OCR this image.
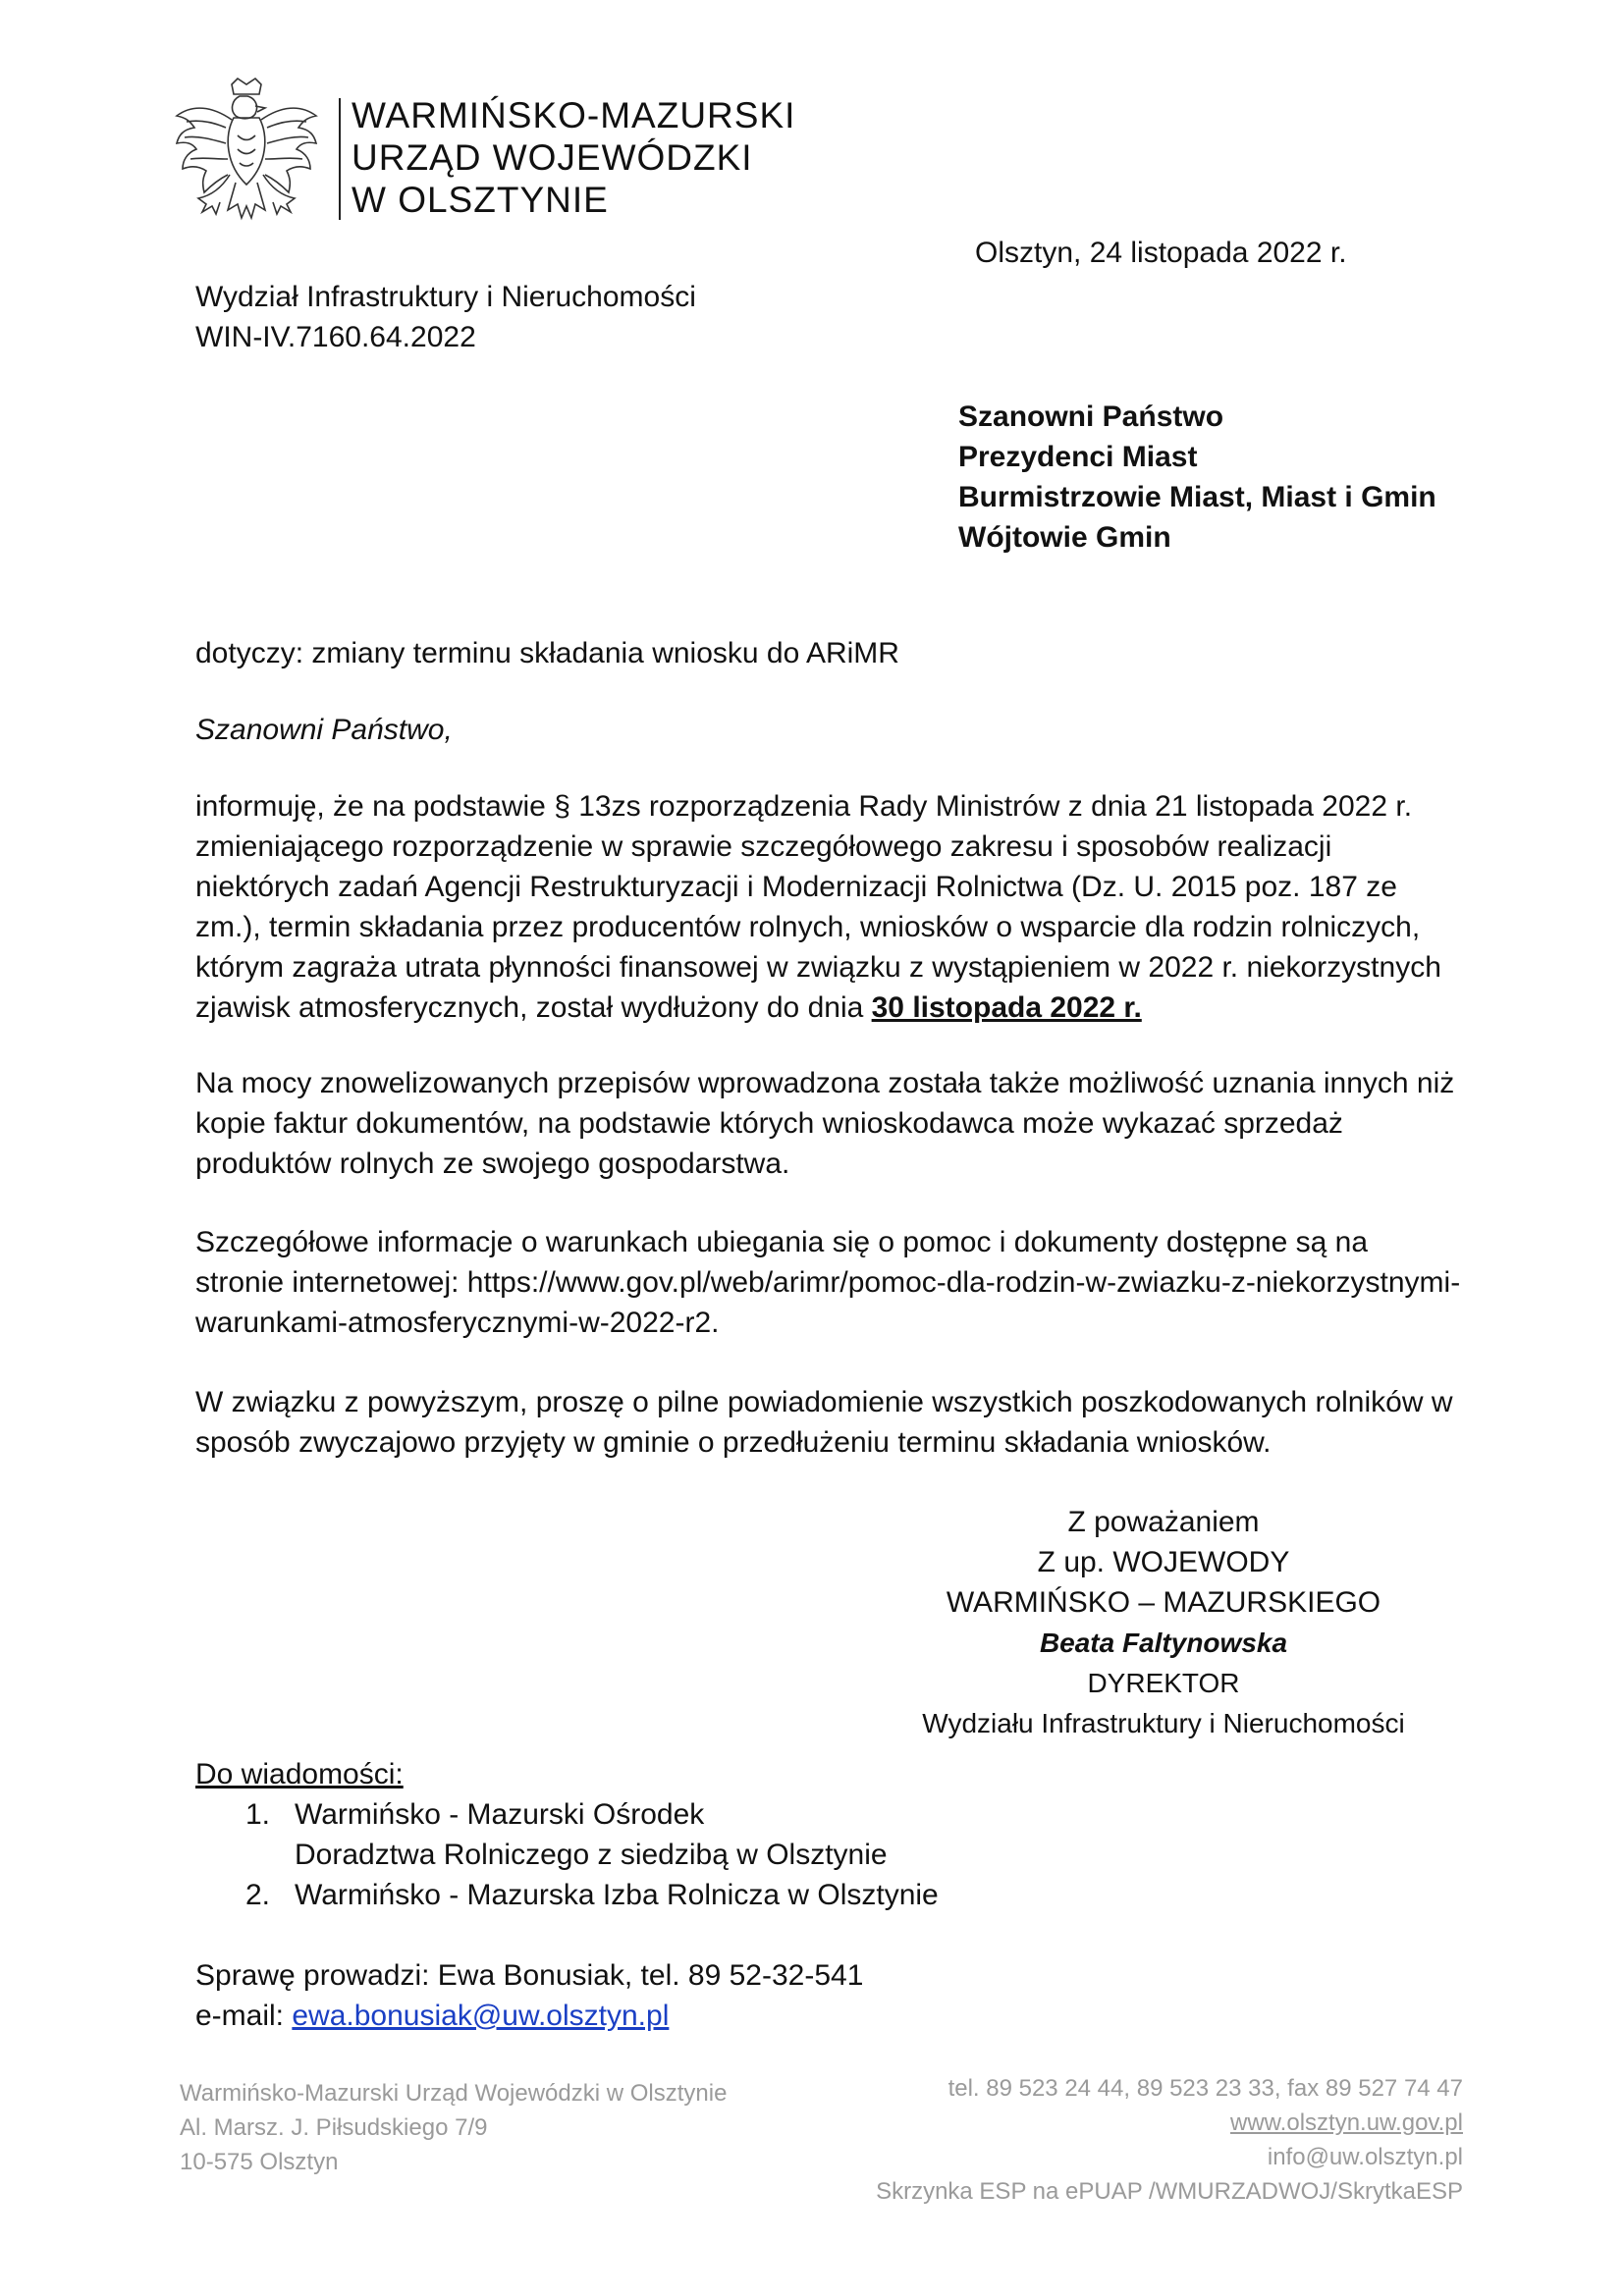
WARMIŃSKO-MAZURSKI
URZĄD WOJEWÓDZKI
W OLSZTYNIE
Olsztyn, 24 listopada 2022 r.
Wydział Infrastruktury i Nieruchomości
WIN-IV.7160.64.2022
Szanowni Państwo
Prezydenci Miast
Burmistrzowie Miast, Miast i Gmin
Wójtowie Gmin
dotyczy: zmiany terminu składania wniosku do ARiMR
Szanowni Państwo,

informuję, że na podstawie § 13zs rozporządzenia Rady Ministrów z dnia 21 listopada 2022 r. zmieniającego rozporządzenie w sprawie szczegółowego zakresu i sposobów realizacji niektórych zadań Agencji Restrukturyzacji i Modernizacji Rolnictwa (Dz. U. 2015 poz. 187 ze zm.), termin składania przez producentów rolnych, wniosków o wsparcie dla rodzin rolniczych, którym zagraża utrata płynności finansowej w związku z wystąpieniem w 2022 r. niekorzystnych zjawisk atmosferycznych, został wydłużony do dnia 30 listopada 2022 r.

Na mocy znowelizowanych przepisów wprowadzona została także możliwość uznania innych niż kopie faktur dokumentów, na podstawie których wnioskodawca może wykazać sprzedaż produktów rolnych ze swojego gospodarstwa.

Szczegółowe informacje o warunkach ubiegania się o pomoc i dokumenty dostępne są na stronie internetowej: https://www.gov.pl/web/arimr/pomoc-dla-rodzin-w-zwiazku-z-niekorzystnymi-warunkami-atmosferycznymi-w-2022-r2.

W związku z powyższym, proszę o pilne powiadomienie wszystkich poszkodowanych rolników w sposób zwyczajowo przyjęty w gminie o przedłużeniu terminu składania wniosków.

Z poważaniem
Z up. WOJEWODY
WARMIŃSKO – MAZURSKIEGO
Beata Faltynowska
DYREKTOR
Wydziału Infrastruktury i Nieruchomości
Do wiadomości:
1. Warmińsko - Mazurski Ośrodek
Doradztwa Rolniczego z siedzibą w Olsztynie
2. Warmińsko - Mazurska Izba Rolnicza w Olsztynie
Sprawę prowadzi: Ewa Bonusiak, tel. 89 52-32-541
e-mail: ewa.bonusiak@uw.olsztyn.pl
Warmińsko-Mazurski Urząd Wojewódzki w Olsztynie
Al. Marsz. J. Piłsudskiego 7/9
10-575 Olsztyn
tel. 89 523 24 44, 89 523 23 33, fax 89 527 74 47
www.olsztyn.uw.gov.pl
info@uw.olsztyn.pl
Skrzynka ESP na ePUAP /WMURZADWOJ/SkrytkaESP
